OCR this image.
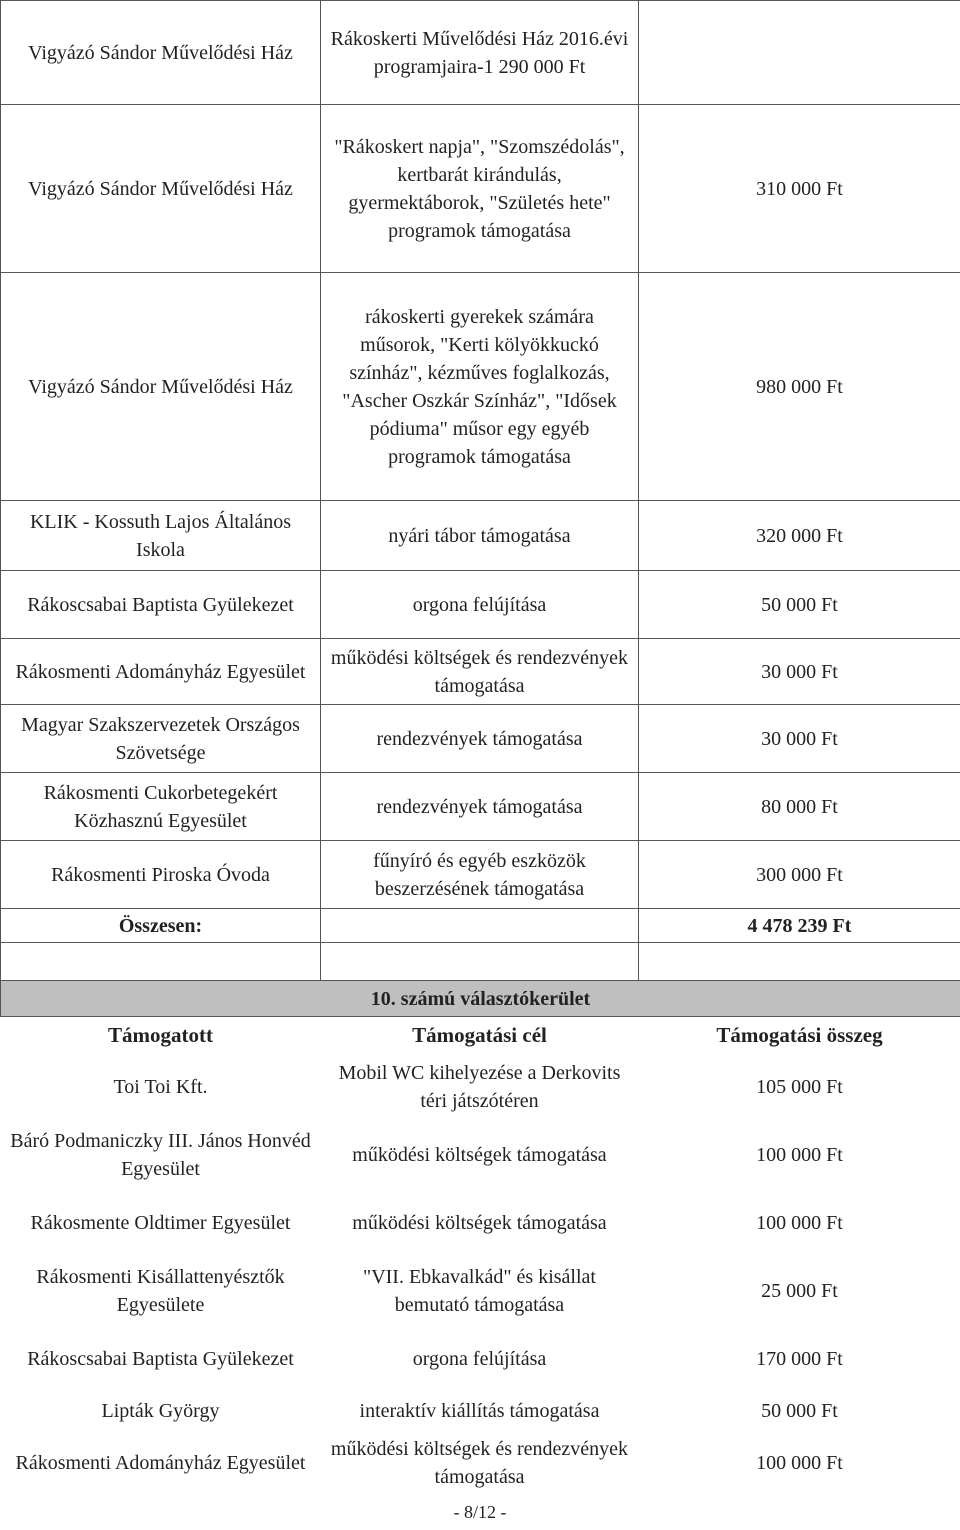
Vigyázó Sándor Művelődési Ház	Rákoskerti Művelődési Ház 2016.évi programjaira-1 290 000 Ft	
Vigyázó Sándor Művelődési Ház	"Rákoskert napja", "Szomszédolás", kertbarát kirándulás, gyermektáborok, "Születés hete" programok támogatása	310 000 Ft
Vigyázó Sándor Művelődési Ház	rákoskerti gyerekek számára műsorok, "Kerti kölyökkuckó színház", kézműves foglalkozás, "Ascher Oszkár Színház", "Idősek pódiuma" műsor egy egyéb programok támogatása	980 000 Ft
KLIK - Kossuth Lajos Általános Iskola	nyári tábor támogatása	320 000 Ft
Rákoscsabai Baptista Gyülekezet	orgona felújítása	50 000 Ft
Rákosmenti Adományház Egyesület	működési költségek és rendezvények támogatása	30 000 Ft
Magyar Szakszervezetek Országos Szövetsége	rendezvények támogatása	30 000 Ft
Rákosmenti Cukorbetegekért Közhasznú Egyesület	rendezvények támogatása	80 000 Ft
Rákosmenti Piroska Óvoda	fűnyíró és egyéb eszközök beszerzésének támogatása	300 000 Ft
Összesen:		4 478 239 Ft

10. számú választókerület		
Támogatott	Támogatási cél	Támogatási összeg
Toi Toi Kft.	Mobil WC kihelyezése a Derkovits téri játszótéren	105 000 Ft
Báró Podmaniczky III. János Honvéd Egyesület	működési költségek támogatása	100 000 Ft
Rákosmente Oldtimer Egyesület	működési költségek támogatása	100 000 Ft
Rákosmenti Kisállattenyésztők Egyesülete	"VII. Ebkavalkád" és kisállat bemutató támogatása	25 000 Ft
Rákoscsabai Baptista Gyülekezet	orgona felújítása	170 000 Ft
Lipták György	interaktív kiállítás támogatása	50 000 Ft
Rákosmenti Adományház Egyesület	működési költségek és rendezvények támogatása	100 000 Ft
- 8/12 -
